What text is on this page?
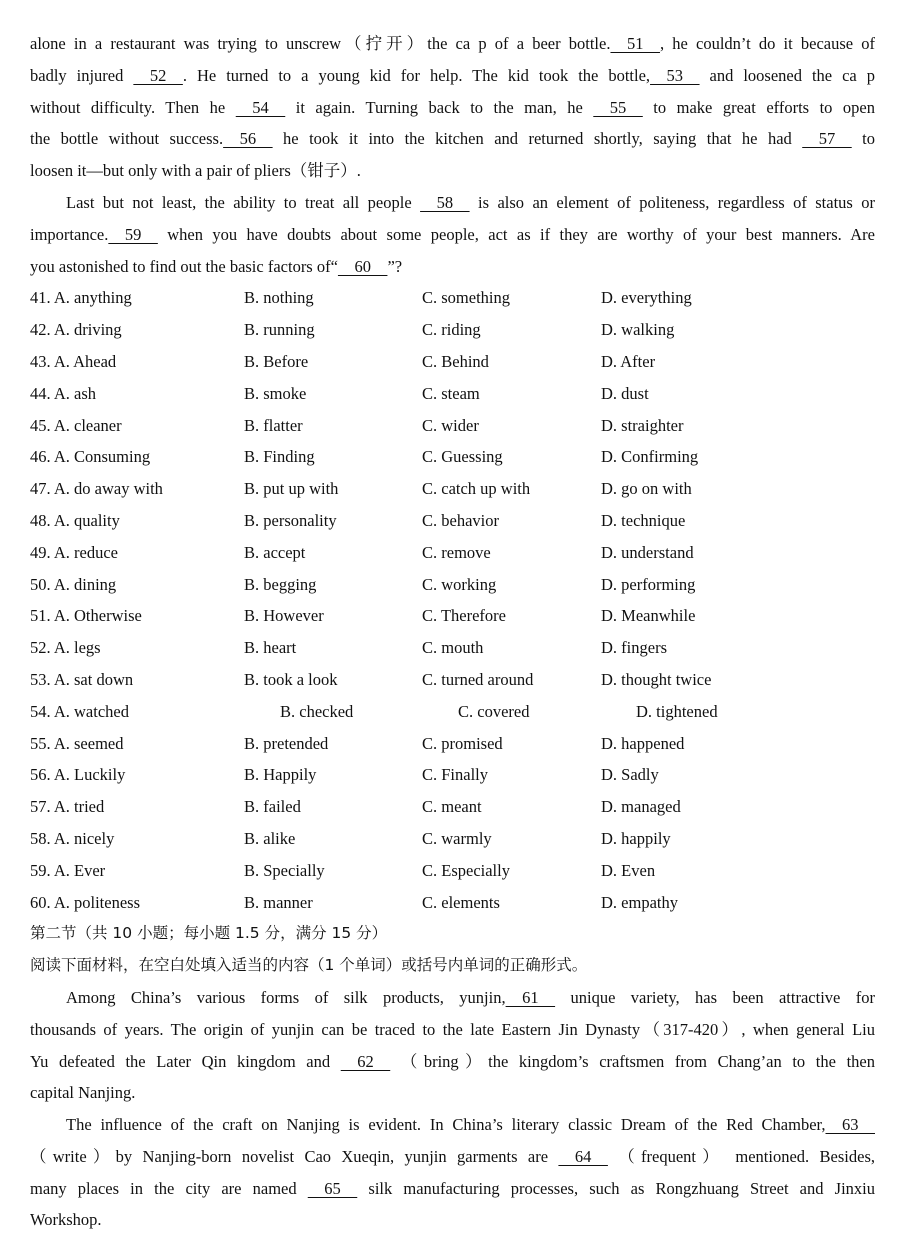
alone in a restaurant was trying to unscrew（拧开）the ca p of a beer bottle. 51 , he couldn’t do it because of
badly injured  52 . He turned to a young kid for help. The kid took the bottle, 53  and loosened the ca p
without difficulty. Then he  54  it again. Turning back to the man, he  55  to make great efforts to open
the bottle without success. 56  he took it into the kitchen and returned shortly, saying that he had  57  to
loosen it—but only with a pair of pliers（钳子）.
Last but not least, the ability to treat all people  58  is also an element of politeness, regardless of status or
importance. 59  when you have doubts about some people, act as if they are worthy of your best manners. Are
you astonished to find out the basic factors of“ 60 ”?
41. A. anything	B. nothing	C. something	D. everything
42. A. driving	B. running	C. riding	D. walking
43. A. Ahead	B. Before	C. Behind	D. After
44. A. ash	B. smoke	C. steam	D. dust
45. A. cleaner	B. flatter	C. wider	D. straighter
46. A. Consuming	B. Finding	C. Guessing	D. Confirming
47. A. do away with	B. put up with	C. catch up with	D. go on with
48. A. quality	B. personality	C. behavior	D. technique
49. A. reduce	B. accept	C. remove	D. understand
50. A. dining	B. begging	C. working	D. performing
51. A. Otherwise	B. However	C. Therefore	D. Meanwhile
52. A. legs	B. heart	C. mouth	D. fingers
53. A. sat down	B. took a look	C. turned around	D. thought twice
54. A. watched	B. checked	C. covered	D. tightened
55. A. seemed	B. pretended	C. promised	D. happened
56. A. Luckily	B. Happily	C. Finally	D. Sadly
57. A. tried	B. failed	C. meant	D. managed
58. A. nicely	B. alike	C. warmly	D. happily
59. A. Ever	B. Specially	C. Especially	D. Even
60. A. politeness	B. manner	C. elements	D. empathy
第二节（共 10 小题；每小题 1.5 分，满分 15 分）
阅读下面材料，在空白处填入适当的内容（1 个单词）或括号内单词的正确形式。
Among China’s various forms of silk products, yunjin, 61  unique variety, has been attractive for
thousands of years. The origin of yunjin can be traced to the late Eastern Jin Dynasty（317-420）, when general Liu
Yu defeated the Later Qin kingdom and  62  （bring）the kingdom’s craftsmen from Chang’an to the then
capital Nanjing.
The influence of the craft on Nanjing is evident. In China’s literary classic Dream of the Red Chamber, 63 
（write）by Nanjing-born novelist Cao Xueqin, yunjin garments are  64  （frequent） mentioned. Besides,
many places in the city are named  65  silk manufacturing processes, such as Rongzhuang Street and Jinxiu
Workshop.
